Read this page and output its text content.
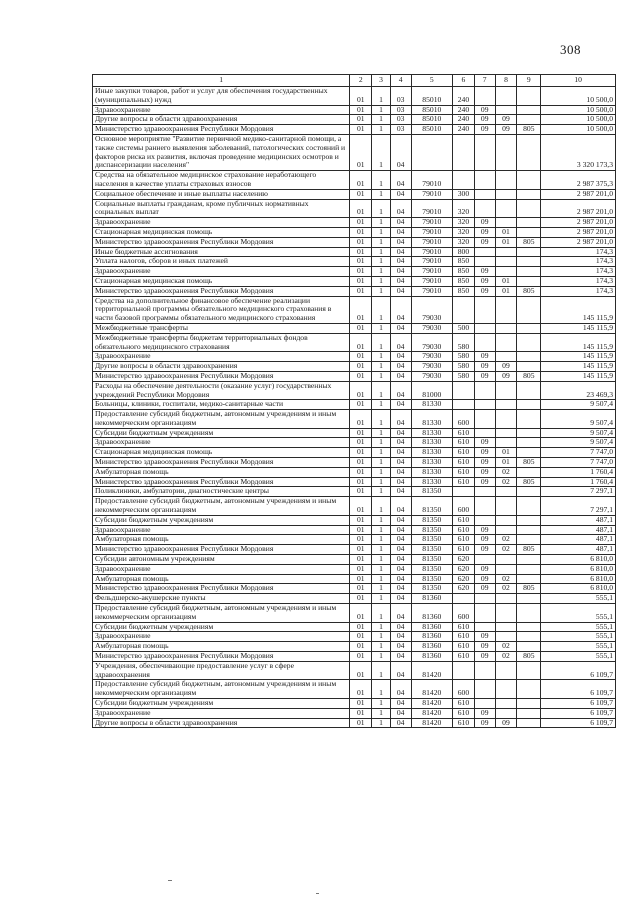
308
1	2	3	4	5	6	7	8	9	10
Иные закупки товаров, работ и услуг для обеспечения государственных (муниципальных) нужд	01	1	03	85010	240				10 500,0
Здравоохранение	01	1	03	85010	240	09			10 500,0
Другие вопросы в области здравоохранения	01	1	03	85010	240	09	09		10 500,0
Министерство здравоохранения Республики Мордовия	01	1	03	85010	240	09	09	805	10 500,0
Основное мероприятие "Развитие первичной медико-санитарной помощи, а также системы раннего выявления заболеваний, патологических состояний и факторов риска их развития, включая проведение медицинских осмотров и диспансеризации населения"	01	1	04						3 320 173,3
Средства на обязательное медицинское страхование неработающего населения в качестве уплаты страховых взносов	01	1	04	79010					2 987 375,3
Социальное обеспечение и иные выплаты населению	01	1	04	79010	300				2 987 201,0
Социальные выплаты гражданам, кроме публичных нормативных социальных выплат	01	1	04	79010	320				2 987 201,0
Здравоохранение	01	1	04	79010	320	09			2 987 201,0
Стационарная медицинская помощь	01	1	04	79010	320	09	01		2 987 201,0
Министерство здравоохранения Республики Мордовия	01	1	04	79010	320	09	01	805	2 987 201,0
Иные бюджетные ассигнования	01	1	04	79010	800				174,3
Уплата налогов, сборов и иных платежей	01	1	04	79010	850				174,3
Здравоохранение	01	1	04	79010	850	09			174,3
Стационарная медицинская помощь	01	1	04	79010	850	09	01		174,3
Министерство здравоохранения Республики Мордовия	01	1	04	79010	850	09	01	805	174,3
Средства на дополнительное финансовое обеспечение реализации территориальной программы обязательного медицинского страхования в части базовой программы обязательного медицинского страхования	01	1	04	79030					145 115,9
Межбюджетные трансферты	01	1	04	79030	500				145 115,9
Межбюджетные трансферты бюджетам территориальных фондов обязательного медицинского страхования	01	1	04	79030	580				145 115,9
Здравоохранение	01	1	04	79030	580	09			145 115,9
Другие вопросы в области здравоохранения	01	1	04	79030	580	09	09		145 115,9
Министерство здравоохранения Республики Мордовия	01	1	04	79030	580	09	09	805	145 115,9
Расходы на обеспечение деятельности (оказание услуг) государственных учреждений Республики Мордовия	01	1	04	81000					23 469,3
Больницы, клиники, госпитали, медико-санитарные части	01	1	04	81330					9 507,4
Предоставление субсидий бюджетным, автономным учреждениям и иным некоммерческим организациям	01	1	04	81330	600				9 507,4
Субсидии бюджетным учреждениям	01	1	04	81330	610				9 507,4
Здравоохранение	01	1	04	81330	610	09			9 507,4
Стационарная медицинская помощь	01	1	04	81330	610	09	01		7 747,0
Министерство здравоохранения Республики Мордовия	01	1	04	81330	610	09	01	805	7 747,0
Амбулаторная помощь	01	1	04	81330	610	09	02		1 760,4
Министерство здравоохранения Республики Мордовия	01	1	04	81330	610	09	02	805	1 760,4
Поликлиники, амбулатории, диагностические центры	01	1	04	81350					7 297,1
Предоставление субсидий бюджетным, автономным учреждениям и иным некоммерческим организациям	01	1	04	81350	600				7 297,1
Субсидии бюджетным учреждениям	01	1	04	81350	610				487,1
Здравоохранение	01	1	04	81350	610	09			487,1
Амбулаторная помощь	01	1	04	81350	610	09	02		487,1
Министерство здравоохранения Республики Мордовия	01	1	04	81350	610	09	02	805	487,1
Субсидии автономным учреждениям	01	1	04	81350	620				6 810,0
Здравоохранение	01	1	04	81350	620	09			6 810,0
Амбулаторная помощь	01	1	04	81350	620	09	02		6 810,0
Министерство здравоохранения Республики Мордовия	01	1	04	81350	620	09	02	805	6 810,0
Фельдшерско-акушерские пункты	01	1	04	81360					555,1
Предоставление субсидий бюджетным, автономным учреждениям и иным некоммерческим организациям	01	1	04	81360	600				555,1
Субсидии бюджетным учреждениям	01	1	04	81360	610				555,1
Здравоохранение	01	1	04	81360	610	09			555,1
Амбулаторная помощь	01	1	04	81360	610	09	02		555,1
Министерство здравоохранения Республики Мордовия	01	1	04	81360	610	09	02	805	555,1
Учреждения, обеспечивающие предоставление услуг в сфере здравоохранения	01	1	04	81420					6 109,7
Предоставление субсидий бюджетным, автономным учреждениям и иным некоммерческим организациям	01	1	04	81420	600				6 109,7
Субсидии бюджетным учреждениям	01	1	04	81420	610				6 109,7
Здравоохранение	01	1	04	81420	610	09			6 109,7
Другие вопросы в области здравоохранения	01	1	04	81420	610	09	09		6 109,7
